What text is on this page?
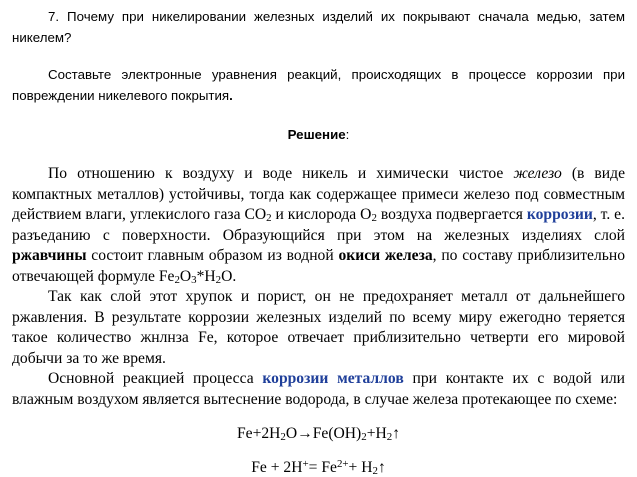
7. Почему при никелировании железных изделий их покрывают сначала медью, затем никелем?

Составьте электронные уравнения реакций, происходящих в процессе коррозии при повреждении никелевого покрытия.

Решение:

По отношению к воздуху и воде никель и химически чистое железо (в виде компактных металлов) устойчивы, тогда как содержащее примеси железо под совместным действием влаги, углекислого газа $CO_2$ и кислорода $O_2$ воздуха подвергается коррозии, т. е. разъеданию с поверхности. Образующийся при этом на железных изделиях слой ржавчины состоит главным образом из водной окиси железа, по составу приблизительно отвечающей формуле $Fe_2O_3*H_2O$.

Так как слой этот хрупок и порист, он не предохраняет металл от дальнейшего ржавления. В результате коррозии железных изделий по всему миру ежегодно теряется такое количество жнлнза Fe, которое отвечает приблизительно четверти его мировой добычи за то же время.

Основной реакцией процесса коррозии металлов при контакте их с водой или влажным воздухом является вытеснение водорода, в случае железа протекающее по схеме:

$Fe+2H_2O\to Fe(OH)_2+H_2↑$

$Fe + 2H^+= Fe^{2+}+$ $H_2↑$
